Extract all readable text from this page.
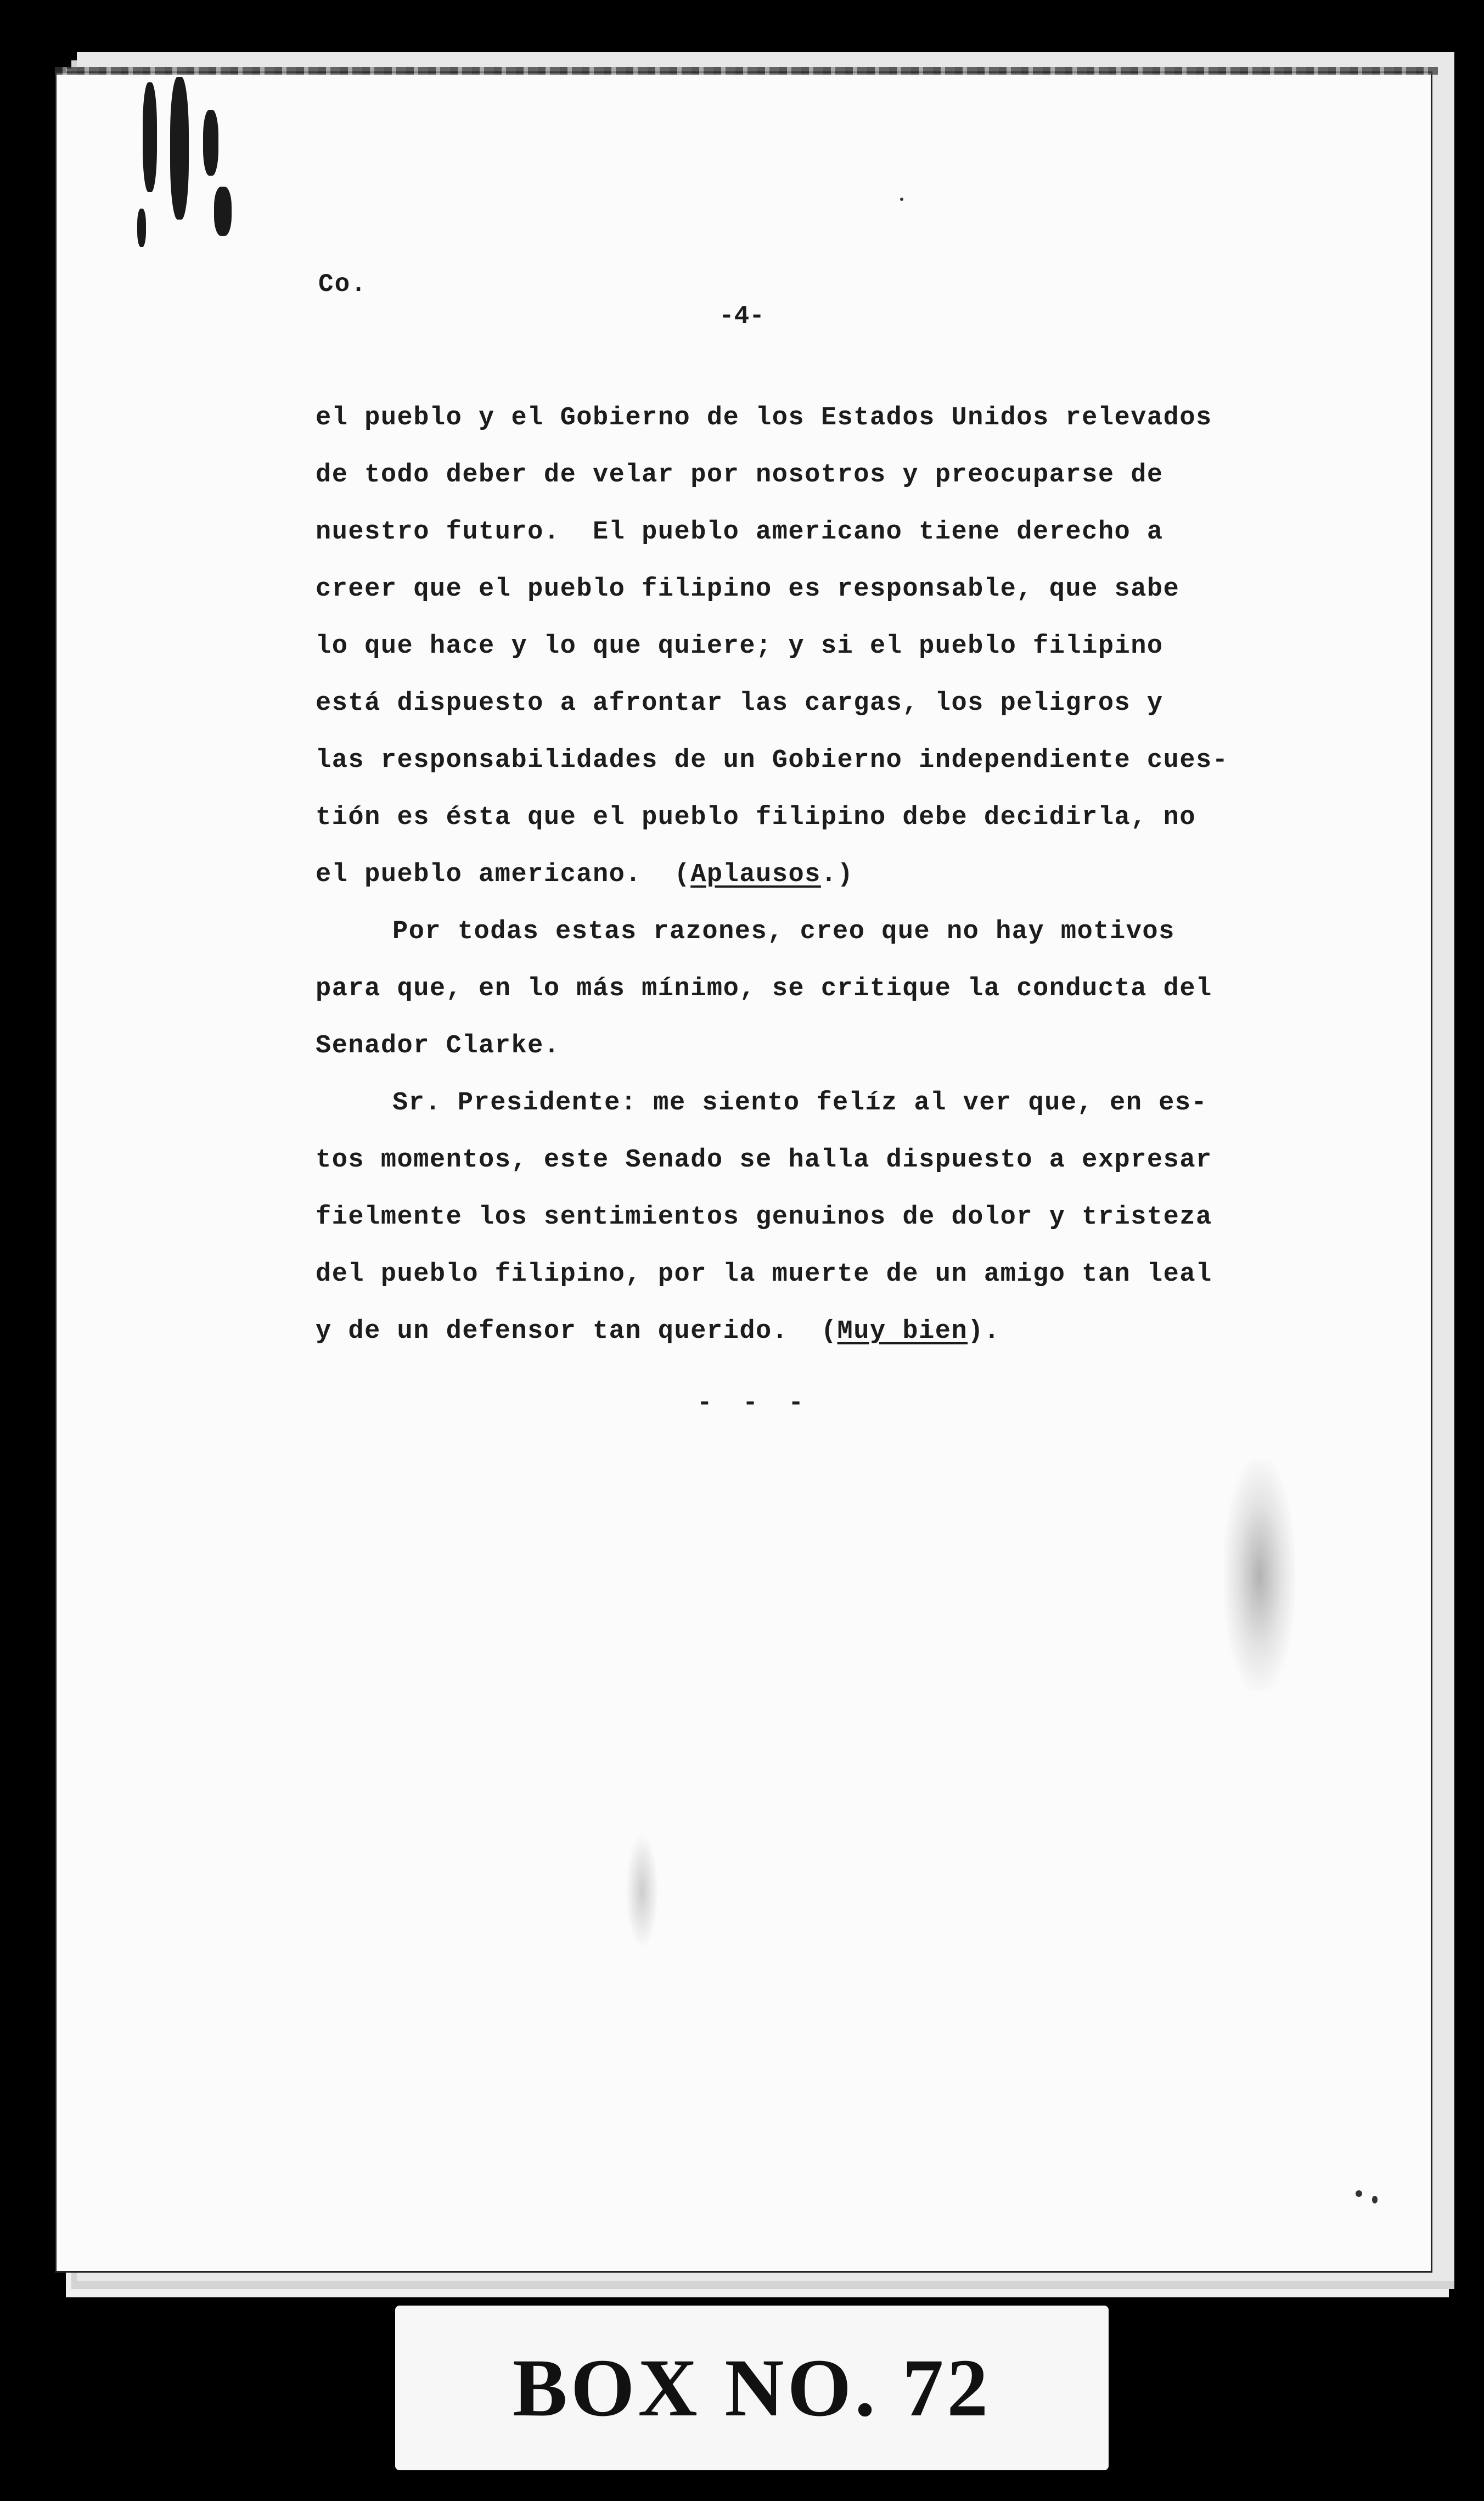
Co.
-4-
el pueblo y el Gobierno de los Estados Unidos relevados
de todo deber de velar por nosotros y preocuparse de
nuestro futuro.  El pueblo americano tiene derecho a
creer que el pueblo filipino es responsable, que sabe
lo que hace y lo que quiere; y si el pueblo filipino
está dispuesto a afrontar las cargas, los peligros y
las responsabilidades de un Gobierno independiente cues-
tión es ésta que el pueblo filipino debe decidirla, no
el pueblo americano.  (Aplausos.)
Por todas estas razones, creo que no hay motivos
para que, en lo más mínimo, se critique la conducta del
Senador Clarke.
Sr. Presidente: me siento felíz al ver que, en es-
tos momentos, este Senado se halla dispuesto a expresar
fielmente los sentimientos genuinos de dolor y tristeza
del pueblo filipino, por la muerte de un amigo tan leal
y de un defensor tan querido.  (Muy bien).
- - -
BOX NO. 72
